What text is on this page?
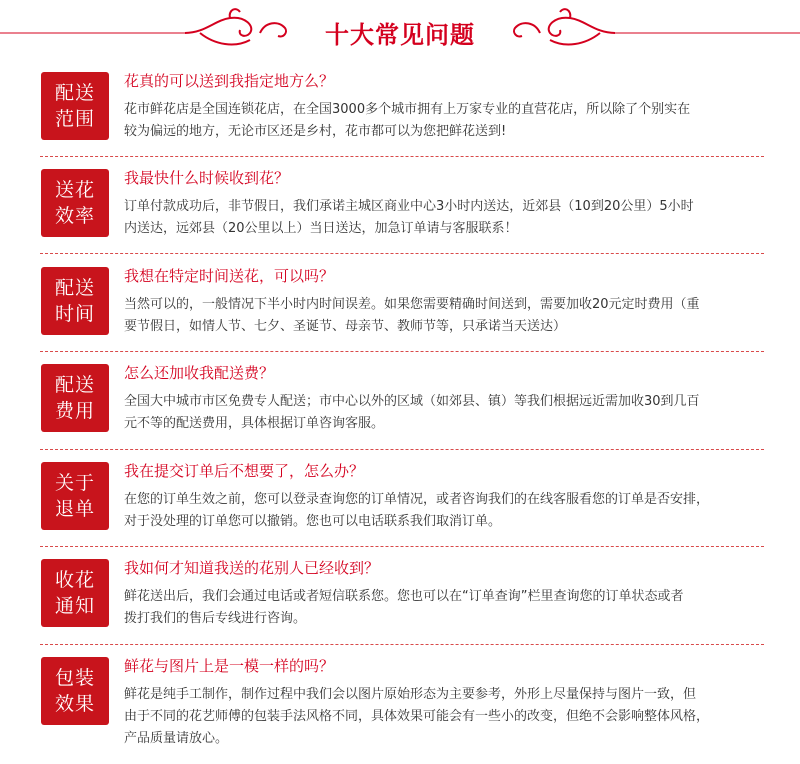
十大常见问题
配送
范围
花真的可以送到我指定地方么？
花市鲜花店是全国连锁花店，在全国3000多个城市拥有上万家专业的直营花店，所以除了个别实在
较为偏远的地方，无论市区还是乡村，花市都可以为您把鲜花送到!
送花
效率
我最快什么时候收到花？
订单付款成功后，非节假日，我们承诺主城区商业中心3小时内送达，近郊县（10到20公里）5小时
内送达，远郊县（20公里以上）当日送达，加急订单请与客服联系！
配送
时间
我想在特定时间送花，可以吗？
当然可以的，一般情况下半小时内时间误差。如果您需要精确时间送到，需要加收20元定时费用（重
要节假日，如情人节、七夕、圣诞节、母亲节、教师节等，只承诺当天送达）
配送
费用
怎么还加收我配送费？
全国大中城市市区免费专人配送；市中心以外的区域（如郊县、镇）等我们根据远近需加收30到几百
元不等的配送费用，具体根据订单咨询客服。
关于
退单
我在提交订单后不想要了，怎么办？
在您的订单生效之前，您可以登录查询您的订单情况，或者咨询我们的在线客服看您的订单是否安排，
对于没处理的订单您可以撤销。您也可以电话联系我们取消订单。
收花
通知
我如何才知道我送的花别人已经收到？
鲜花送出后，我们会通过电话或者短信联系您。您也可以在“订单查询”栏里查询您的订单状态或者
拨打我们的售后专线进行咨询。
包装
效果
鲜花与图片上是一模一样的吗？
鲜花是纯手工制作，制作过程中我们会以图片原始形态为主要参考，外形上尽量保持与图片一致，但
由于不同的花艺师傅的包装手法风格不同，具体效果可能会有一些小的改变，但绝不会影响整体风格，
产品质量请放心。
